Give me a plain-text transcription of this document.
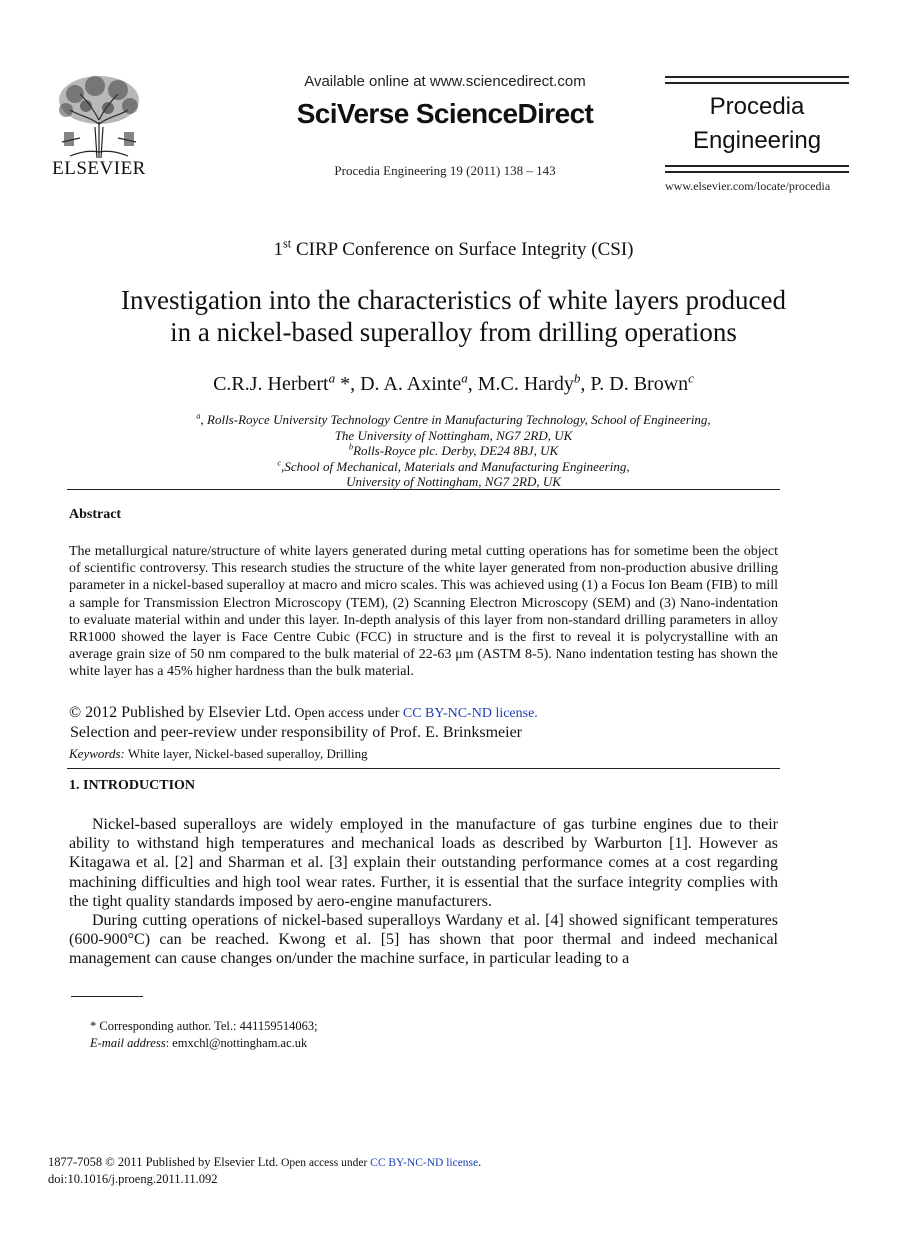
ELSEVIER
Available online at www.sciencedirect.com
SciVerse ScienceDirect
Procedia Engineering 19 (2011) 138 – 143
Procedia
Engineering
www.elsevier.com/locate/procedia
1st CIRP Conference on Surface Integrity (CSI)
Investigation into the characteristics of white layers produced
in a nickel-based superalloy from drilling operations
C.R.J. Herbert$^a$ *, D. A. Axinte$^a$, M.C. Hardy$^b$, P. D. Brown$^c$
$^a$, Rolls-Royce University Technology Centre in Manufacturing Technology, School of Engineering,
The University of Nottingham, NG7 2RD, UK
$^b$Rolls-Royce plc. Derby, DE24 8BJ, UK
$^c$,School of Mechanical, Materials and Manufacturing Engineering,
University of Nottingham, NG7 2RD, UK
Abstract
The metallurgical nature/structure of white layers generated during metal cutting operations has for sometime been the object of scientific controversy. This research studies the structure of the white layer generated from non-production abusive drilling parameter in a nickel-based superalloy at macro and micro scales. This was achieved using (1) a Focus Ion Beam (FIB) to mill a sample for Transmission Electron Microscopy (TEM), (2) Scanning Electron Microscopy (SEM) and (3) Nano-indentation to evaluate material within and under this layer. In-depth analysis of this layer from non-standard drilling parameters in alloy RR1000 showed the layer is Face Centre Cubic (FCC) in structure and is the first to reveal it is polycrystalline with an average grain size of 50 nm compared to the bulk material of 22-63 μm (ASTM 8-5). Nano indentation testing has shown the white layer has a 45% higher hardness than the bulk material.
© 2012 Published by Elsevier Ltd. Open access under CC BY-NC-ND license.
Selection and peer-review under responsibility of Prof. E. Brinksmeier
Keywords: White layer, Nickel-based superalloy, Drilling
1. INTRODUCTION
Nickel-based superalloys are widely employed in the manufacture of gas turbine engines due to their ability to withstand high temperatures and mechanical loads as described by Warburton [1]. However as Kitagawa et al. [2] and Sharman et al. [3] explain their outstanding performance comes at a cost regarding machining difficulties and high tool wear rates. Further, it is essential that the surface integrity complies with the tight quality standards imposed by aero-engine manufacturers.
During cutting operations of nickel-based superalloys Wardany et al. [4] showed significant temperatures (600-900°C) can be reached. Kwong et al. [5] has shown that poor thermal and indeed mechanical management can cause changes on/under the machine surface, in particular leading to a
* Corresponding author. Tel.: 441159514063;
E-mail address: emxchl@nottingham.ac.uk
1877-7058 © 2011 Published by Elsevier Ltd. Open access under CC BY-NC-ND license.
doi:10.1016/j.proeng.2011.11.092
